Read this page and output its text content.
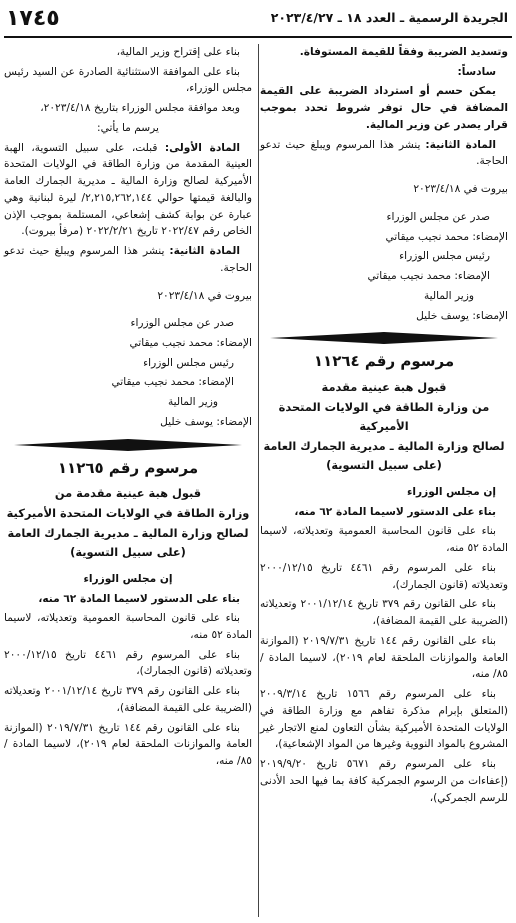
الجريدة الرسمية ـ العدد ١٨ ـ ٢٠٢٣/٤/٢٧
١٧٤٥

وتسديد الضريبة وفقاً للقيمة المستوفاة.

سادساً:

يمكن حسم أو استرداد الضريبة على القيمة المضافة في حال توفر شروط تحدد بموجب قرار يصدر عن وزير المالية.

المادة الثانية: ينشر هذا المرسوم ويبلغ حيث تدعو الحاجة.

بيروت في ٢٠٢٣/٤/١٨

صدر عن مجلس الوزراء

الإمضاء: محمد نجيب ميقاتي

رئيس مجلس الوزراء

الإمضاء: محمد نجيب ميقاتي

وزير المالية

الإمضاء: يوسف خليل

مرسوم رقم ١١٢٦٤

قبول هبة عينية مقدمة

من وزارة الطاقة في الولايات المتحدة الأميركية

لصالح وزارة المالية ـ مديرية الجمارك العامة

(على سبيل التسوية)

إن مجلس الوزراء

بناء على الدستور لاسيما المادة ٦٢ منه،

بناء على قانون المحاسبة العمومية وتعديلاته، لاسيما المادة ٥٢ منه،

بناء على المرسوم رقم ٤٤٦١ تاريخ ٢٠٠٠/١٢/١٥ وتعديلاته (قانون الجمارك)،

بناء على القانون رقم ٣٧٩ تاريخ ٢٠٠١/١٢/١٤ وتعديلاته (الضريبة على القيمة المضافة)،

بناء على القانون رقم ١٤٤ تاريخ ٢٠١٩/٧/٣١ (الموازنة العامة والموازنات الملحقة لعام ٢٠١٩)، لاسيما المادة /٨٥/ منه،

بناء على المرسوم رقم ١٥٦٦ تاريخ ٢٠٠٩/٣/١٤ (المتعلق بإبرام مذكرة تفاهم مع وزارة الطاقة في الولايات المتحدة الأميركية بشأن التعاون لمنع الاتجار غير المشروع بالمواد النووية وغيرها من المواد الإشعاعية)،

بناء على المرسوم رقم ٥٦٧١ تاريخ ٢٠١٩/٩/٢٠ (إعفاءات من الرسوم الجمركية كافة بما فيها الحد الأدنى للرسم الجمركي)،

بناء على إقتراح وزير المالية،

بناء على الموافقة الاستثنائية الصادرة عن السيد رئيس مجلس الوزراء،

وبعد موافقة مجلس الوزراء بتاريخ ٢٠٢٣/٤/١٨،

يرسم ما يأتي:

المادة الأولى: قبلت، على سبيل التسوية، الهبة العينية المقدمة من وزارة الطاقة في الولايات المتحدة الأميركية لصالح وزارة المالية ـ مديرية الجمارك العامة والبالغة قيمتها حوالي ٢,٢١٥,٢٦٢,١٤٤/ ليرة لبنانية وهي عبارة عن بوابة كشف إشعاعي، المستلمة بموجب الإذن الخاص رقم ٢٠٢٢/٤٧ تاريخ ٢٠٢٢/٢/٢١ (مرفأ بيروت).

المادة الثانية: ينشر هذا المرسوم ويبلغ حيث تدعو الحاجة.

بيروت في ٢٠٢٣/٤/١٨

صدر عن مجلس الوزراء

الإمضاء: محمد نجيب ميقاتي

رئيس مجلس الوزراء

الإمضاء: محمد نجيب ميقاتي

وزير المالية

الإمضاء: يوسف خليل

مرسوم رقم ١١٢٦٥

قبول هبة عينية مقدمة من

وزارة الطاقة في الولايات المتحدة الأميركية

لصالح وزارة المالية ـ مديرية الجمارك العامة

(على سبيل التسوية)

إن مجلس الوزراء

بناء على الدستور لاسيما المادة ٦٢ منه،

بناء على قانون المحاسبة العمومية وتعديلاته، لاسيما المادة ٥٢ منه،

بناء على المرسوم رقم ٤٤٦١ تاريخ ٢٠٠٠/١٢/١٥ وتعديلاته (قانون الجمارك)،

بناء على القانون رقم ٣٧٩ تاريخ ٢٠٠١/١٢/١٤ وتعديلاته (الضريبة على القيمة المضافة)،

بناء على القانون رقم ١٤٤ تاريخ ٢٠١٩/٧/٣١ (الموازنة العامة والموازنات الملحقة لعام ٢٠١٩)، لاسيما المادة /٨٥/ منه،
